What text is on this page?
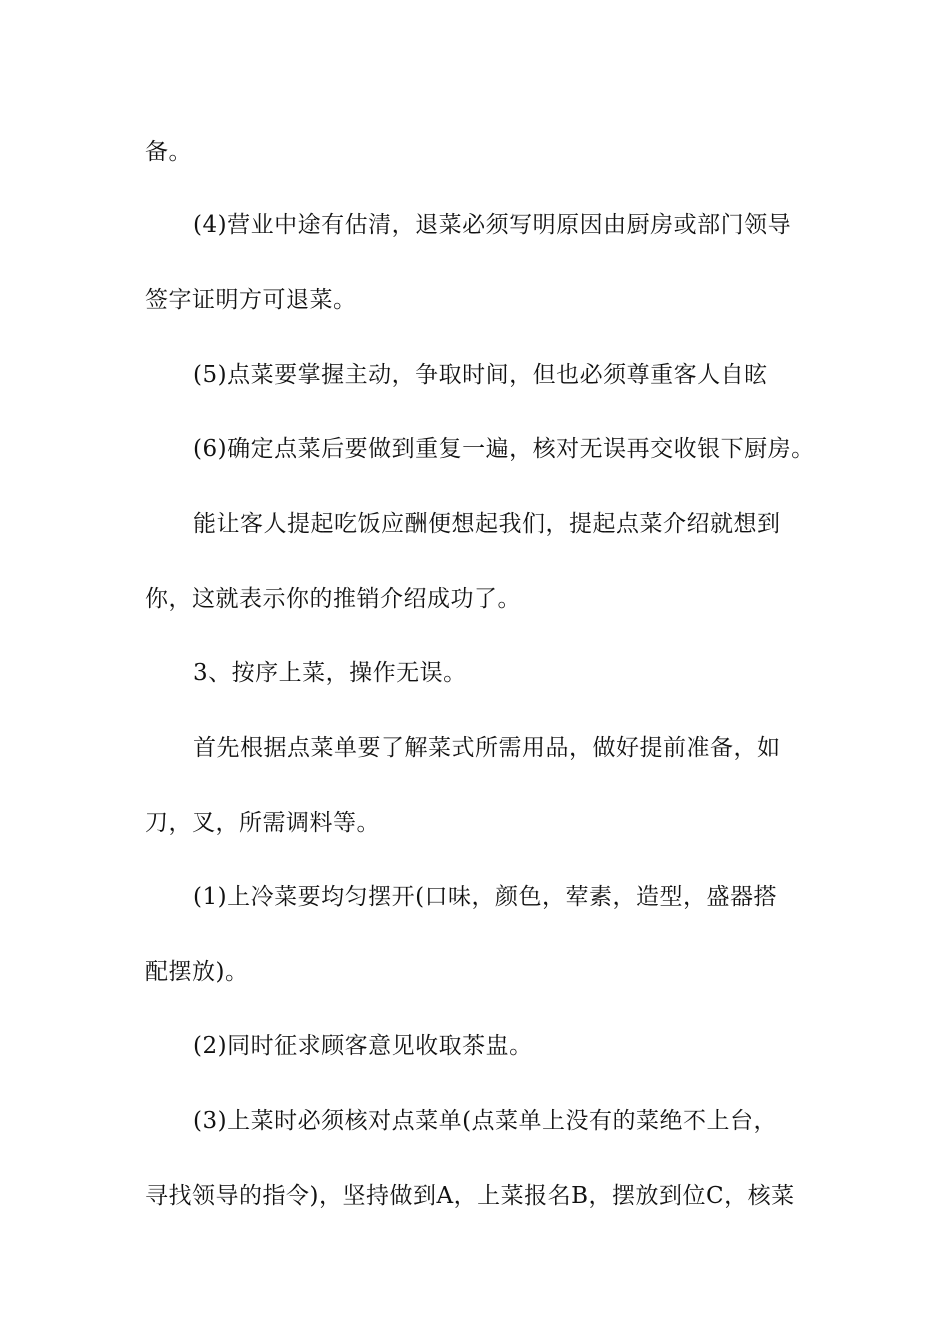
备。
(4)营业中途有估清，退菜必须写明原因由厨房或部门领导
签字证明方可退菜。
(5)点菜要掌握主动，争取时间，但也必须尊重客人自昡
(6)确定点菜后要做到重复一遍，核对无误再交收银下厨房。
能让客人提起吃饭应酬便想起我们，提起点菜介绍就想到
你，这就表示你的推销介绍成功了。
3、按序上菜，操作无误。
首先根据点菜单要了解菜式所需用品，做好提前准备，如
刀，叉，所需调料等。
(1)上冷菜要均匀摆开(口味，颜色，荤素，造型，盛器搭
配摆放)。
(2)同时征求顾客意见收取茶盅。
(3)上菜时必须核对点菜单(点菜单上没有的菜绝不上台，
寻找领导的指令)，坚持做到A，上菜报名B，摆放到位C，核菜
